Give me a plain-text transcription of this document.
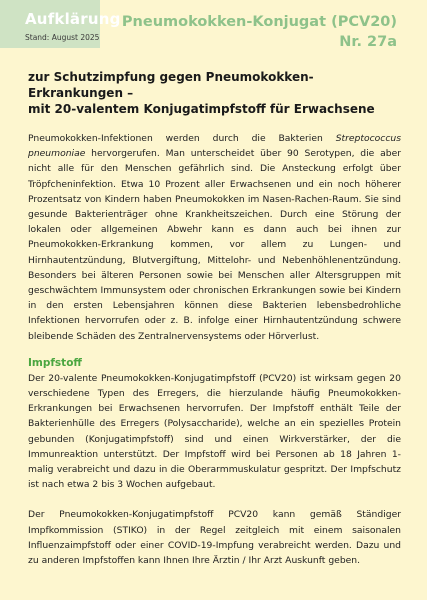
Aufklärung
Stand: August 2025
Pneumokokken-Konjugat (PCV20)
Nr. 27a
zur Schutzimpfung gegen Pneumokokken-Erkrankungen –
mit 20-valentem Konjugatimpfstoff für Erwachsene

Pneumokokken-Infektionen werden durch die Bakterien Streptococcus pneumoniae hervorgerufen. Man unterscheidet über 90 Serotypen, die aber nicht alle für den Menschen gefährlich sind. Die Ansteckung erfolgt über Tröpfcheninfektion. Etwa 10 Prozent aller Erwachsenen und ein noch höherer Prozentsatz von Kindern haben Pneumokokken im Nasen-Rachen-Raum. Sie sind gesunde Bakterienträger ohne Krankheitszeichen. Durch eine Störung der lokalen oder allgemeinen Abwehr kann es dann auch bei ihnen zur Pneumokokken-Erkrankung kommen, vor allem zu Lungen- und Hirnhautentzündung, Blutvergiftung, Mittelohr- und Nebenhöhlenentzündung. Besonders bei älteren Personen sowie bei Menschen aller Altersgruppen mit geschwächtem Immunsystem oder chronischen Erkrankungen sowie bei Kindern in den ersten Lebensjahren können diese Bakterien lebensbedrohliche Infektionen hervorrufen oder z. B. infolge einer Hirnhautentzündung schwere bleibende Schäden des Zentralnervensystems oder Hörverlust.

Impfstoff

Der 20-valente Pneumokokken-Konjugatimpfstoff (PCV20) ist wirksam gegen 20 verschiedene Typen des Erregers, die hierzulande häufig Pneumokokken-Erkrankungen bei Erwachsenen hervorrufen. Der Impfstoff enthält Teile der Bakterienhülle des Erregers (Polysaccharide), welche an ein spezielles Protein gebunden (Konjugatimpfstoff) sind und einen Wirkverstärker, der die Immunreaktion unterstützt. Der Impfstoff wird bei Personen ab 18 Jahren 1-malig verabreicht und dazu in die Oberarmmuskulatur gespritzt. Der Impfschutz ist nach etwa 2 bis 3 Wochen aufgebaut.

Der Pneumokokken-Konjugatimpfstoff PCV20 kann gemäß Ständiger Impfkommission (STIKO) in der Regel zeitgleich mit einem saisonalen Influenzaimpfstoff oder einer COVID-19-Impfung verabreicht werden. Dazu und zu anderen Impfstoffen kann Ihnen Ihre Ärztin / Ihr Arzt Auskunft geben.
